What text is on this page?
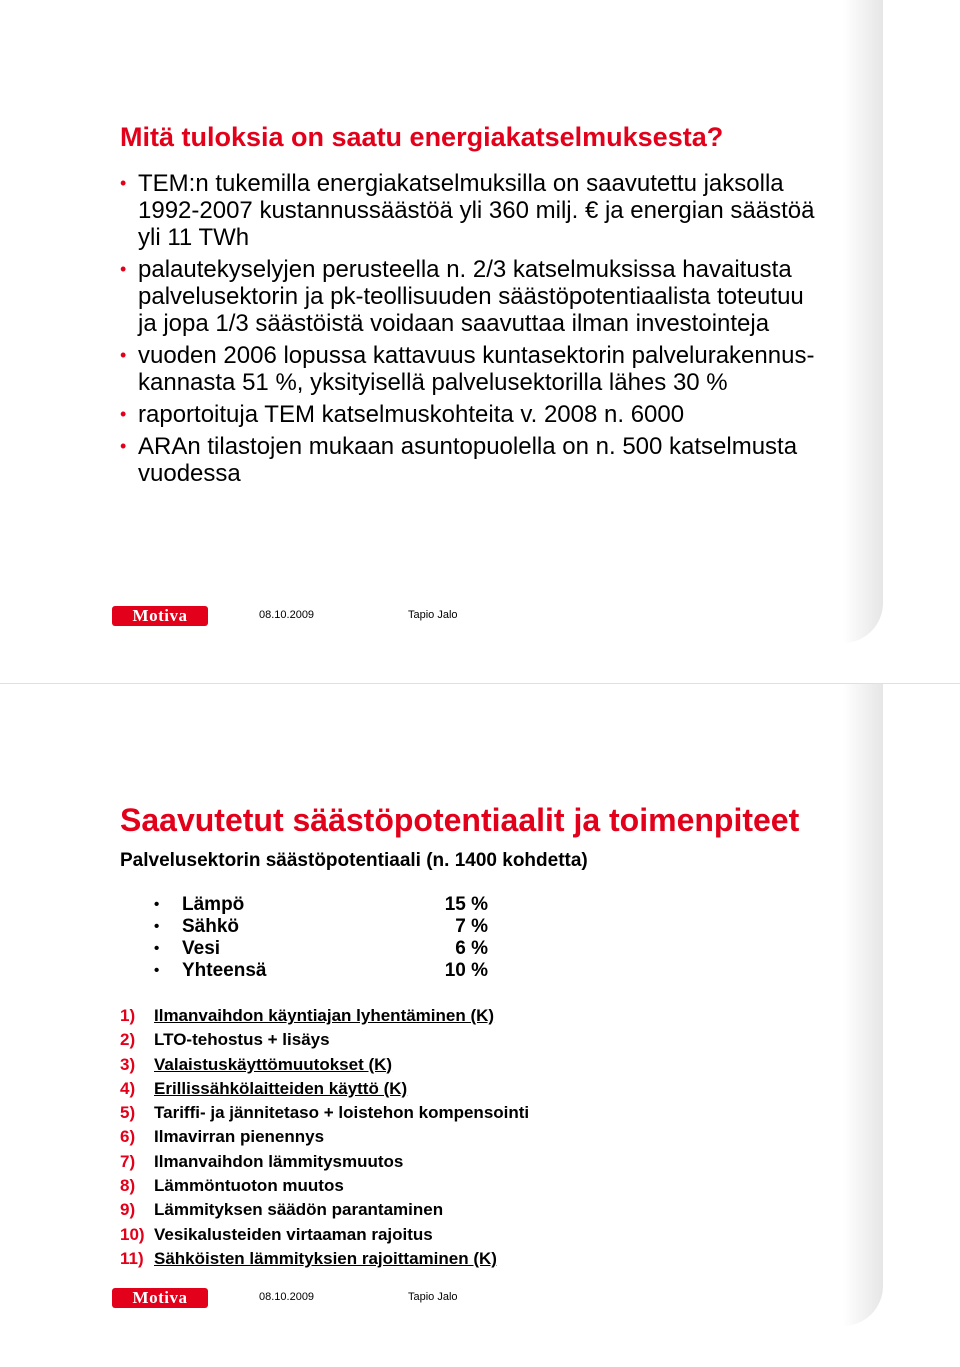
Mitä tuloksia on saatu energiakatselmuksesta?
• TEM:n tukemilla energiakatselmuksilla on saavutettu jaksolla 1992-2007 kustannussäästöä yli 360 milj. € ja energian säästöä yli 11 TWh
• palautekyselyjen perusteella n. 2/3 katselmuksissa havaitusta palvelusektorin ja pk-teollisuuden säästöpotentiaalista toteutuu ja jopa 1/3 säästöistä voidaan saavuttaa ilman investointeja
• vuoden 2006 lopussa kattavuus kuntasektorin palvelurakennus- kannasta 51 %, yksityisellä palvelusektorilla lähes 30 %
• raportoituja TEM katselmuskohteita v. 2008 n. 6000
• ARAn tilastojen mukaan asuntopuolella on n. 500 katselmusta vuodessa
Motiva	08.10.2009	Tapio Jalo
Saavutetut säästöpotentiaalit ja toimenpiteet

Palvelusektorin säästöpotentiaali (n. 1400 kohdetta)

Lämpö	15 %
Sähkö	7 %
Vesi	6 %
Yhteensä	10 %
1) Ilmanvaihdon käyntiajan lyhentäminen (K)
2) LTO-tehostus + lisäys
3) Valaistuskäyttömuutokset (K)
4) Erillissähkölaitteiden käyttö (K)
5) Tariffi- ja jännitetaso + loistehon kompensointi
6) Ilmavirran pienennys
7) Ilmanvaihdon lämmitysmuutos
8) Lämmöntuoton muutos
9) Lämmityksen säädön parantaminen
10) Vesikalusteiden virtaaman rajoitus
11) Sähköisten lämmityksien rajoittaminen (K)
Motiva	08.10.2009	Tapio Jalo
